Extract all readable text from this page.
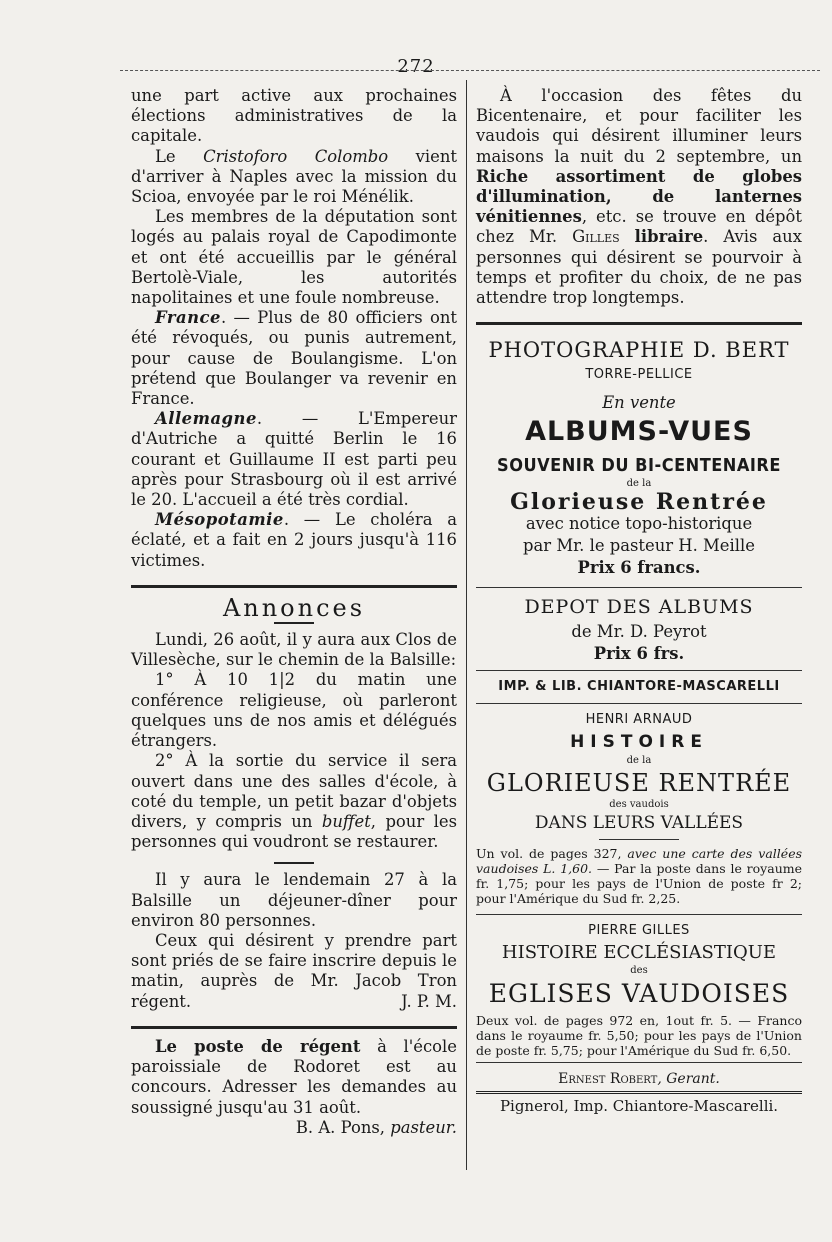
272

une part active aux prochaines élections administratives de la capitale.

Le Cristoforo Colombo vient d'arriver à Naples avec la mission du Scioa, envoyée par le roi Ménélik.

Les membres de la députation sont logés au palais royal de Capodimonte et ont été accueillis par le général Bertolè-Viale, les autorités napolitaines et une foule nombreuse.

France. — Plus de 80 officiers ont été révoqués, ou punis autrement, pour cause de Boulangisme. L'on prétend que Boulanger va revenir en France.

Allemagne. — L'Empereur d'Autriche a quitté Berlin le 16 courant et Guillaume II est parti peu après pour Strasbourg où il est arrivé le 20. L'accueil a été très cordial.

Mésopotamie. — Le choléra a éclaté, et a fait en 2 jours jusqu'à 116 victimes.

Annonces

Lundi, 26 août, il y aura aux Clos de Villesèche, sur le chemin de la Balsille:

1° À 10 1|2 du matin une conférence religieuse, où parleront quelques uns de nos amis et délégués étrangers.

2° À la sortie du service il sera ouvert dans une des salles d'école, à coté du temple, un petit bazar d'objets divers, y compris un buffet, pour les personnes qui voudront se restaurer.

Il y aura le lendemain 27 à la Balsille un déjeuner-dîner pour environ 80 personnes.

Ceux qui désirent y prendre part sont priés de se faire inscrire depuis le matin, auprès de Mr. Jacob Tron régent.	J. P. M.

Le poste de régent à l'école paroissiale de Rodoret est au concours. Adresser les demandes au soussigné jusqu'au 31 août.

B. A. Pons, pasteur.

À l'occasion des fêtes du Bicentenaire, et pour faciliter les vaudois qui désirent illuminer leurs maisons la nuit du 2 septembre, un Riche assortiment de globes d'illumination, de lanternes vénitiennes, etc. se trouve en dépôt chez Mr. Gilles libraire. Avis aux personnes qui désirent se pourvoir à temps et profiter du choix, de ne pas attendre trop longtemps.

PHOTOGRAPHIE D. BERT
TORRE-PELLICE
En vente
ALBUMS-VUES
SOUVENIR DU BI-CENTENAIRE
de la
Glorieuse Rentrée
avec notice topo-historique
par Mr. le pasteur H. Meille
Prix 6 francs.
DEPOT DES ALBUMS
de Mr. D. Peyrot
Prix 6 frs.
IMP. & LIB. CHIANTORE-MASCARELLI
HENRI ARNAUD
HISTOIRE
de la
GLORIEUSE RENTRÉE
des vaudois
DANS LEURS VALLÉES

Un vol. de pages 327, avec une carte des vallées vaudoises L. 1,60. — Par la poste dans le royaume fr. 1,75; pour les pays de l'Union de poste fr 2; pour l'Amérique du Sud fr. 2,25.

PIERRE GILLES
HISTOIRE ECCLÉSIASTIQUE
des
EGLISES VAUDOISES

Deux vol. de pages 972 en, 1out fr. 5. — Franco dans le royaume fr. 5,50; pour les pays de l'Union de poste fr. 5,75; pour l'Amérique du Sud fr. 6,50.

Ernest Robert, Gerant.
Pignerol, Imp. Chiantore-Mascarelli.
